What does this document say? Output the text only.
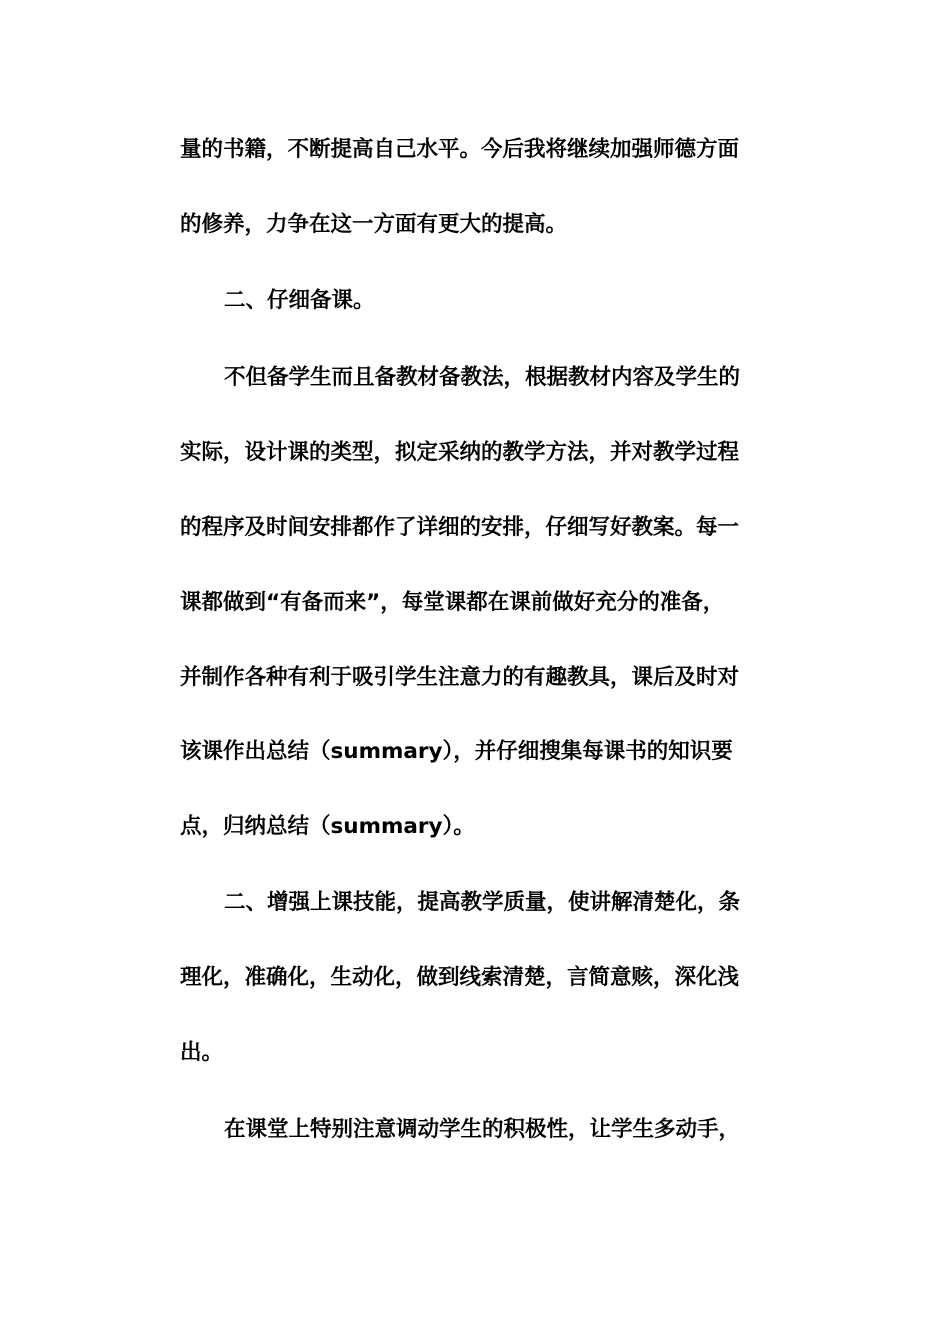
量的书籍，不断提高自己水平。今后我将继续加强师德方面
的修养，力争在这一方面有更大的提高。
二、仔细备课。
不但备学生而且备教材备教法，根据教材内容及学生的
实际，设计课的类型，拟定采纳的教学方法，并对教学过程
的程序及时间安排都作了详细的安排，仔细写好教案。每一
课都做到“有备而来”，每堂课都在课前做好充分的准备，
并制作各种有利于吸引学生注意力的有趣教具，课后及时对
该课作出总结（summary），并仔细搜集每课书的知识要
点，归纳总结（summary）。
二、增强上课技能，提高教学质量，使讲解清楚化，条
理化，准确化，生动化，做到线索清楚，言简意赅，深化浅
出。
在课堂上特别注意调动学生的积极性，让学生多动手，
